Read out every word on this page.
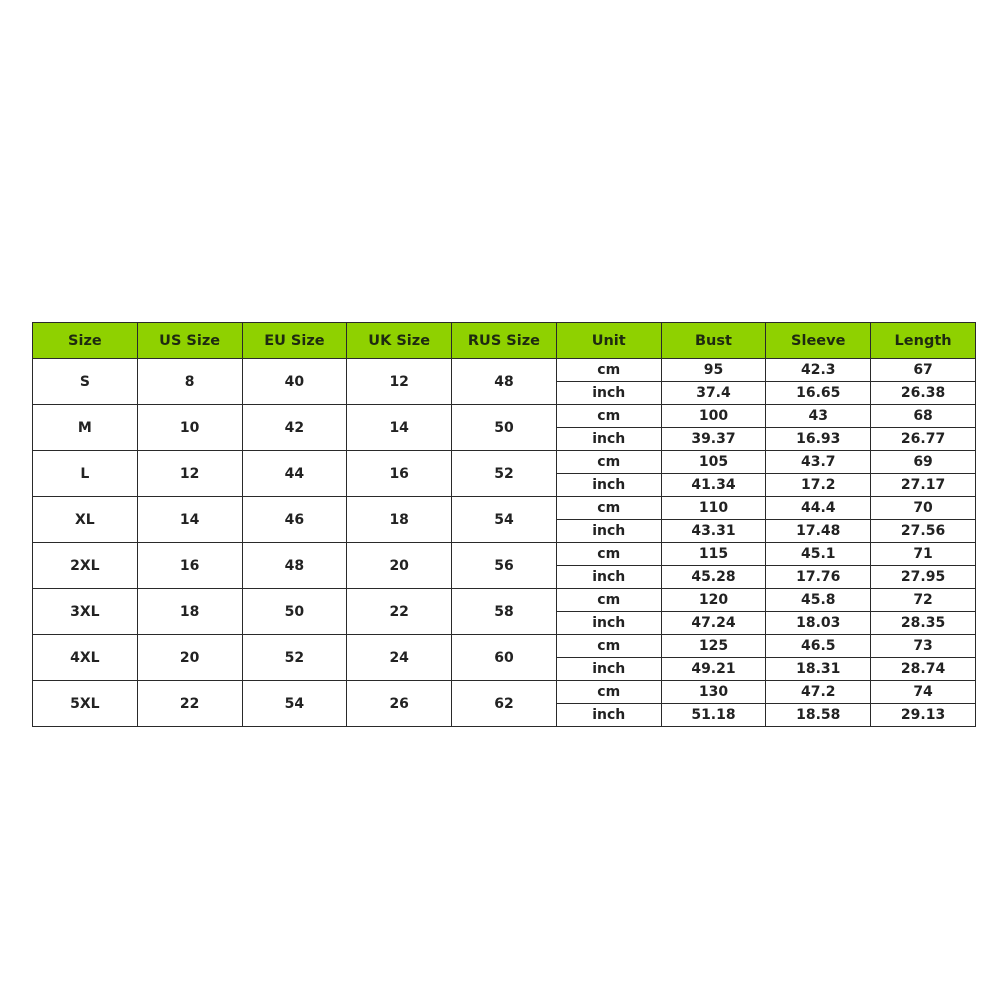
Size	US Size	EU Size	UK Size	RUS Size	Unit	Bust	Sleeve	Length
S	8	40	12	48	cm	95	42.3	67
					inch	37.4	16.65	26.38
M	10	42	14	50	cm	100	43	68
					inch	39.37	16.93	26.77
L	12	44	16	52	cm	105	43.7	69
					inch	41.34	17.2	27.17
XL	14	46	18	54	cm	110	44.4	70
					inch	43.31	17.48	27.56
2XL	16	48	20	56	cm	115	45.1	71
					inch	45.28	17.76	27.95
3XL	18	50	22	58	cm	120	45.8	72
					inch	47.24	18.03	28.35
4XL	20	52	24	60	cm	125	46.5	73
					inch	49.21	18.31	28.74
5XL	22	54	26	62	cm	130	47.2	74
					inch	51.18	18.58	29.13
